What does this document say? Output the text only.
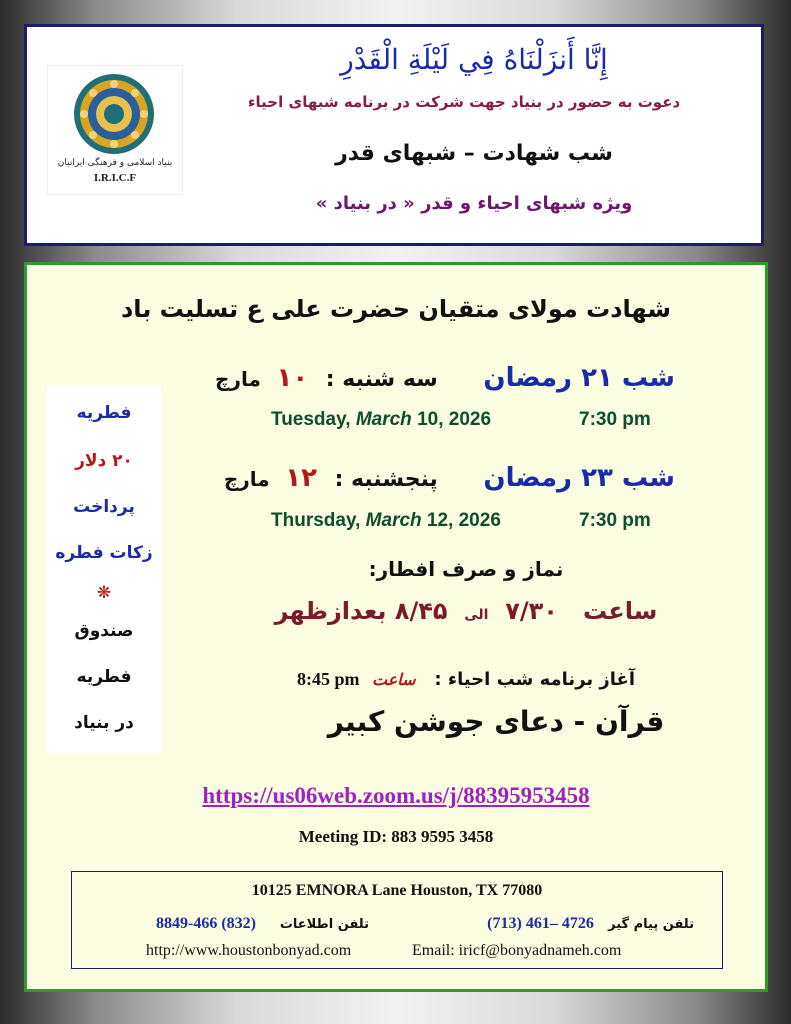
بنیاد اسلامی و فرهنگی ایرانیان
I.R.I.C.F
إِنَّا أَنزَلْنَاهُ فِي لَيْلَةِ الْقَدْرِ
دعوت به حضور در بنیاد جهت شرکت در برنامه شبهای احیاء
شب شهادت – شبهای قدر
ویژه شبهای احیاء و قدر « در بنیاد »
شهادت مولای متقیان حضرت علی ع تسلیت باد
فطریه
۲۰ دلار
پرداخت
زکات فطره
❋
صندوق
فطریه
در بنیاد
شب ۲۱ رمضان سه شنبه : ۱۰ مارچ
Tuesday, March 10, 2026	7:30 pm
شب ۲۳ رمضان پنجشنبه : ۱۲ مارچ
Thursday, March 12, 2026	7:30 pm
نماز و صرف افطار:
ساعت   ۷/۳۰  الی  ۸/۴۵ بعدازظهر
آغاز برنامه شب احیاء :   ساعت  8:45 pm
قرآن - دعای جوشن کبیر
https://us06web.zoom.us/j/88395953458
Meeting ID: 883 9595 3458
10125 EMNORA Lane Houston, TX 77080
(713) 461– 4726 تلفن پیام گیر
تلفن اطلاعات     (832) 466-8849
http://www.houstonbonyad.com	Email: iricf@bonyadnameh.com
